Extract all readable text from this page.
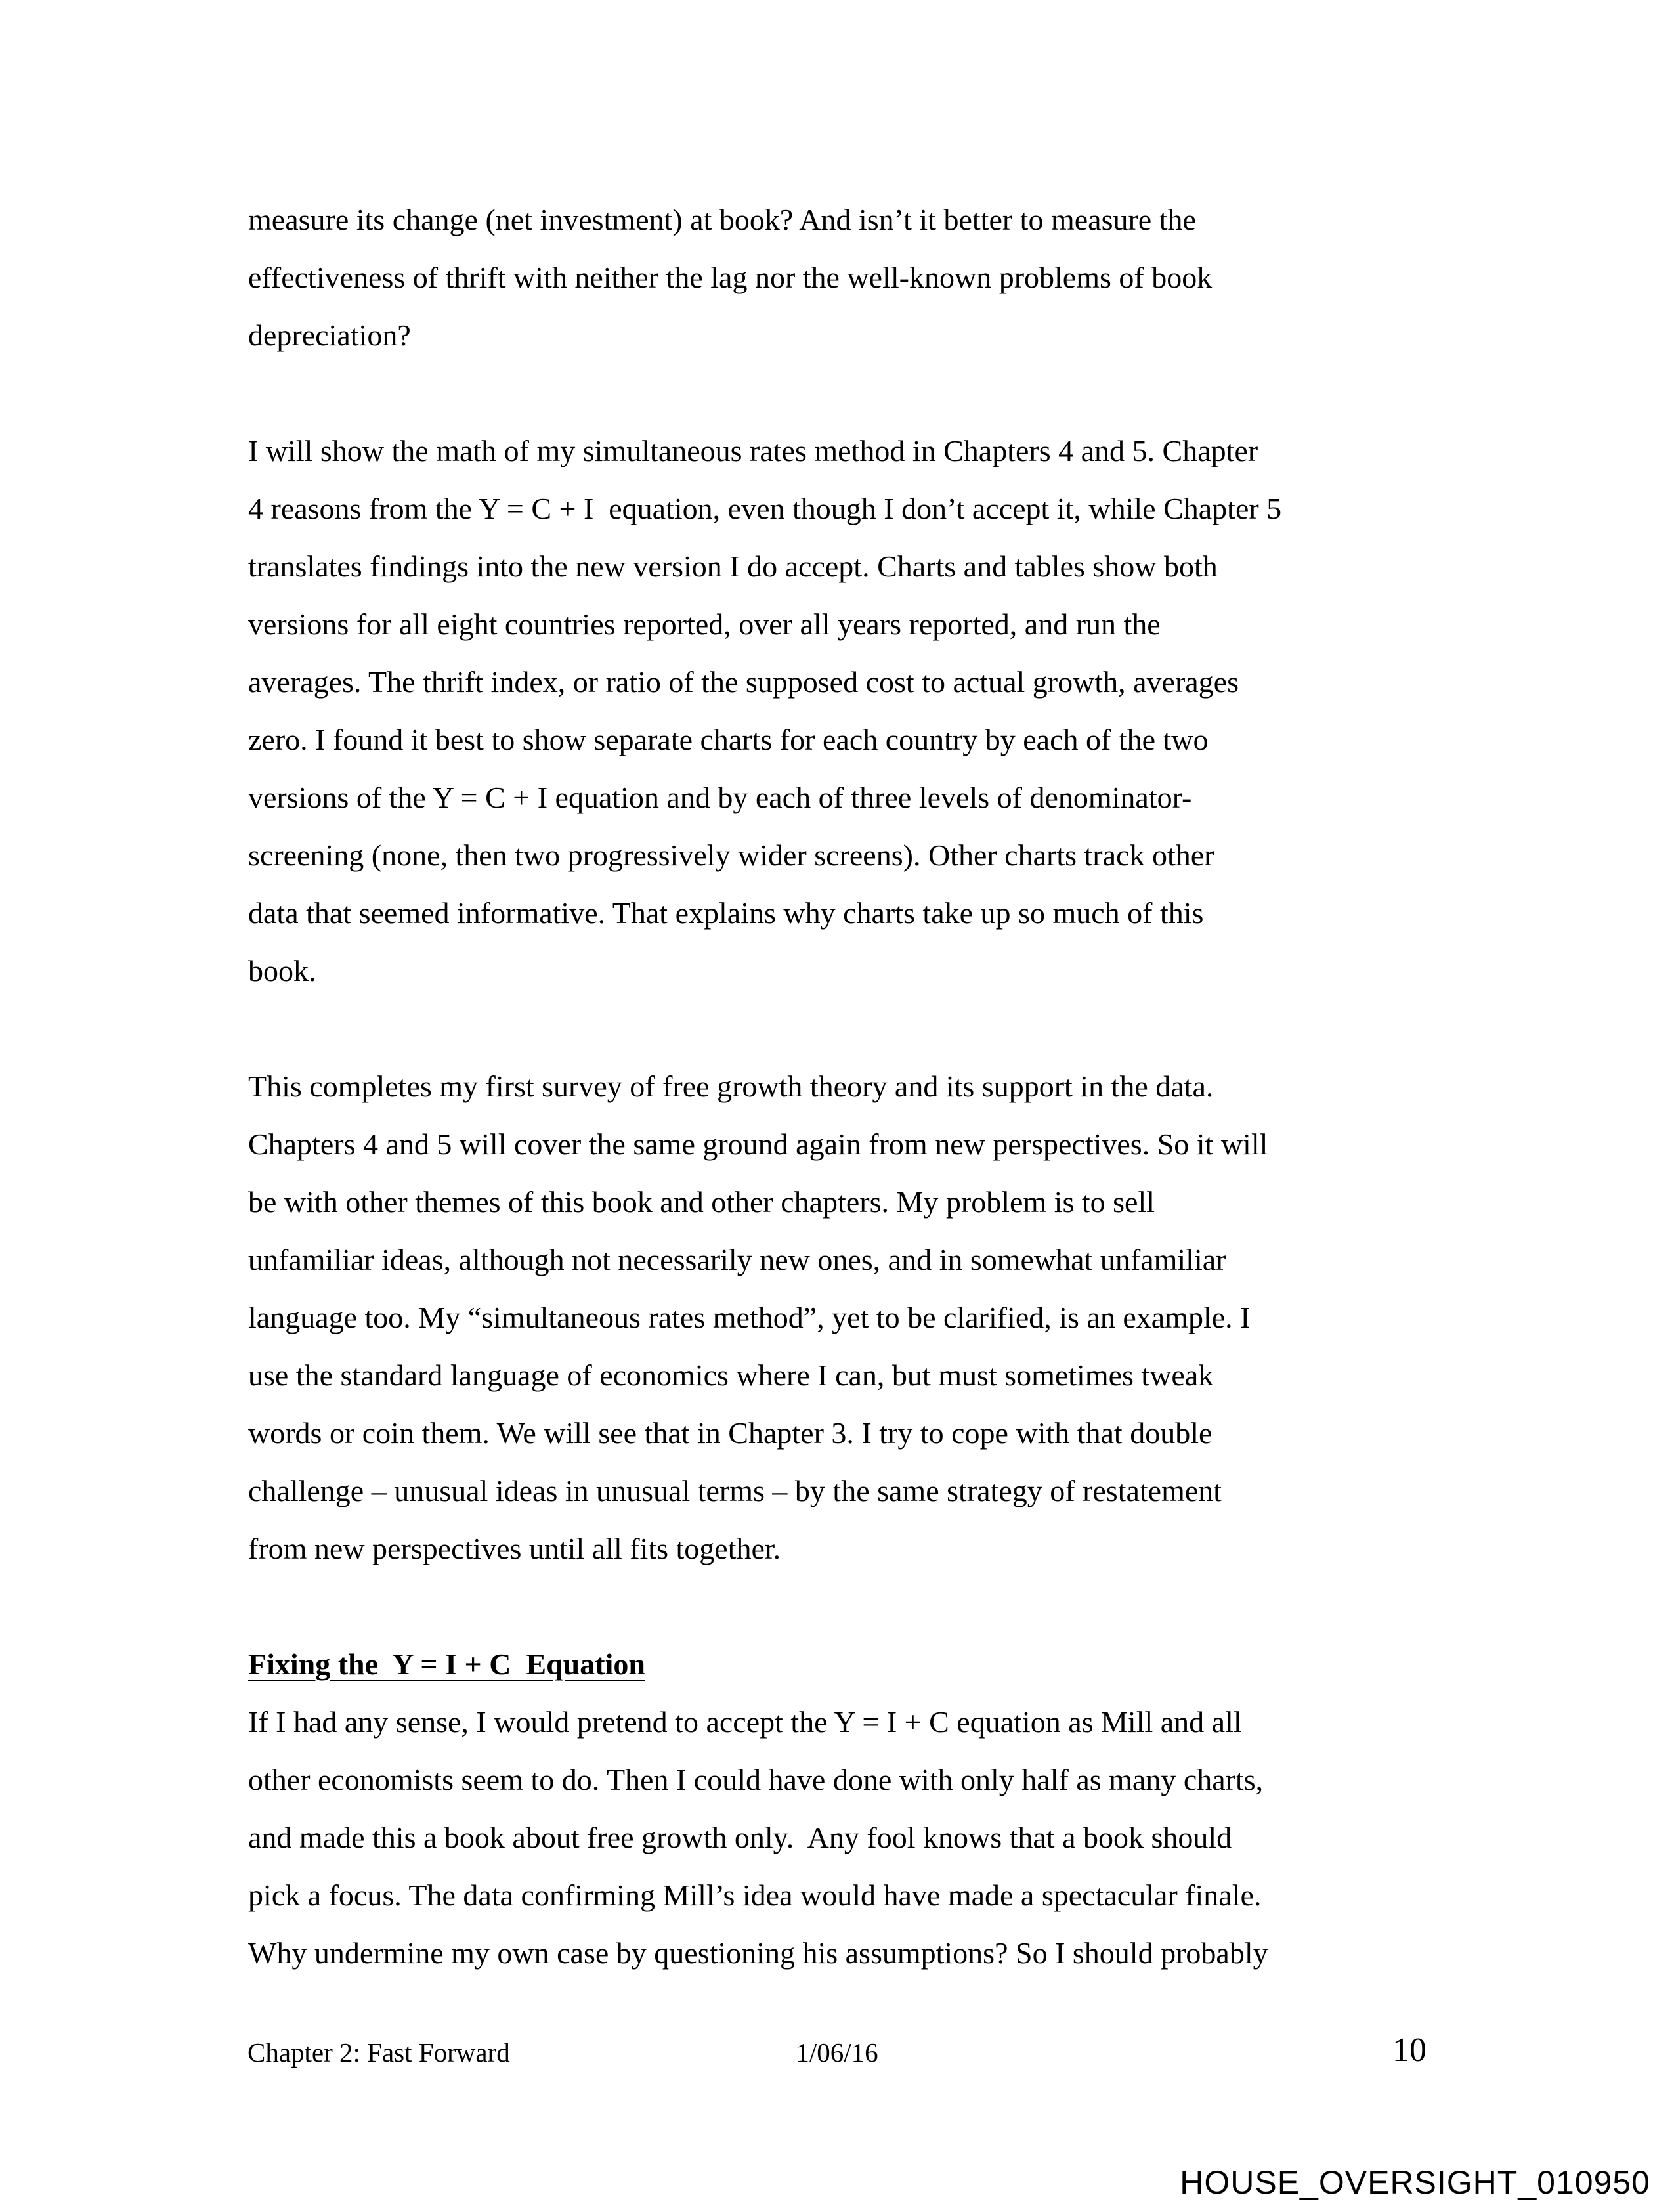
measure its change (net investment) at book? And isn’t it better to measure the
effectiveness of thrift with neither the lag nor the well-known problems of book
depreciation?
I will show the math of my simultaneous rates method in Chapters 4 and 5. Chapter
4 reasons from the Y = C + I  equation, even though I don’t accept it, while Chapter 5
translates findings into the new version I do accept. Charts and tables show both
versions for all eight countries reported, over all years reported, and run the
averages. The thrift index, or ratio of the supposed cost to actual growth, averages
zero. I found it best to show separate charts for each country by each of the two
versions of the Y = C + I equation and by each of three levels of denominator-
screening (none, then two progressively wider screens). Other charts track other
data that seemed informative. That explains why charts take up so much of this
book.
This completes my first survey of free growth theory and its support in the data.
Chapters 4 and 5 will cover the same ground again from new perspectives. So it will
be with other themes of this book and other chapters. My problem is to sell
unfamiliar ideas, although not necessarily new ones, and in somewhat unfamiliar
language too. My “simultaneous rates method”, yet to be clarified, is an example. I
use the standard language of economics where I can, but must sometimes tweak
words or coin them. We will see that in Chapter 3. I try to cope with that double
challenge – unusual ideas in unusual terms – by the same strategy of restatement
from new perspectives until all fits together.
Fixing the  Y = I + C  Equation
If I had any sense, I would pretend to accept the Y = I + C equation as Mill and all
other economists seem to do. Then I could have done with only half as many charts,
and made this a book about free growth only.  Any fool knows that a book should
pick a focus. The data confirming Mill’s idea would have made a spectacular finale.
Why undermine my own case by questioning his assumptions? So I should probably
Chapter 2: Fast Forward	1/06/16	10
HOUSE_OVERSIGHT_010950
